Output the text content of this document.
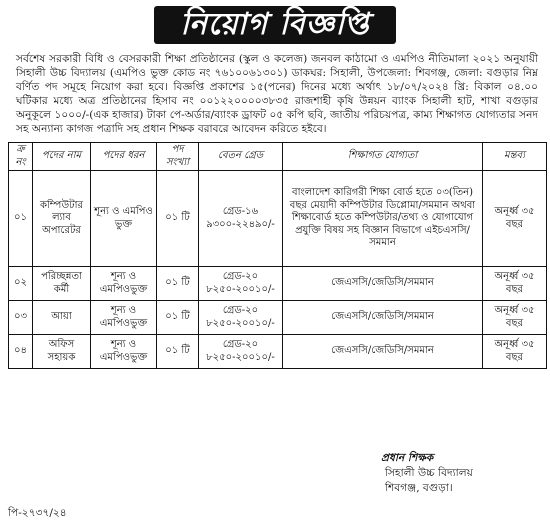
নিয়োগ বিজ্ঞপ্তি

সর্বশেষ সরকারী বিধি ও বেসরকারী শিক্ষা প্রতিষ্ঠানের (স্কুল ও কলেজ) জনবল কাঠামো ও এমপিও নীতিমালা ২০২১ অনুযায়ী সিহালী উচ্চ বিদ্যালয় (এমপিও ভুক্ত কোড নং ৭৬১০০৬১৩০১) ডাকঘর: সিহালী, উপজেলা: শিবগঞ্জ, জেলা: বগুড়ার নিম্ন বর্ণিত পদ সমূহে নিয়োগ করা হবে। বিজ্ঞপ্তি প্রকাশের ১৫(পনের) দিনের মধ্যে অর্থাৎ ১৮/০৭/২০২৪ খ্রি: বিকাল ০৪.০০ ঘটিকার মধ্যে অত্র প্রতিষ্ঠানের হিসাব নং ০০১২২০০০০৩৮৩৫ রাজশাহী কৃষি উন্নয়ন ব্যাংক সিহালী হাট, শাখা বগুড়ার অনুকূলে ১০০০/-(এক হাজার) টাকা পে-অর্ডার/ব্যাংক ড্রাফট ০৫ কপি ছবি, জাতীয় পরিচয়পত্র, কাম্য শিক্ষাগত যোগ্যতার সনদ সহ অন্যান্য কাগজ পত্রাদি সহ প্রধান শিক্ষক বরাবরে আবেদন করিতে হইবে।

ক্র নং	পদের নাম	পদের ধরন	পদ সংখ্যা	বেতন গ্রেড	শিক্ষাগত যোগ্যতা	মন্তব্য
০১	কম্পিউটার ল্যাব অপারেটর	শূন্য ও এমপিও ভুক্ত	০১ টি	গ্রেড-১৬ ৯৩০০-২২৪৯০/-	বাংলাদেশ কারিগরী শিক্ষা বোর্ড হতে ০৩(তিন) বছর মেয়াদী কম্পিউটার ডিপ্লোমা/সমমান অথবা শিক্ষাবোর্ড হতে কম্পিউটার/তথ্য ও যোগাযোগ প্রযুক্তি বিষয় সহ বিজ্ঞান বিভাগে এইচএসসি/সমমান	অনূর্ধ্ব ৩৫ বছর
০২	পরিচ্ছন্নতা কর্মী	শূন্য ও এমপিওভুক্ত	০১ টি	গ্রেড-২০ ৮২৫০-২০০১০/-	জেএসসি/জেডিসি/সমমান	অনূর্ধ্ব ৩৫ বছর
০৩	আয়া	শূন্য ও এমপিওভুক্ত	০১ টি	গ্রেড-২০ ৮২৫০-২০০১০/-	জেএসসি/জেডিসি/সমমান	অনূর্ধ্ব ৩৫ বছর
০৪	অফিস সহায়ক	শূন্য ও এমপিওভুক্ত	০১ টি	গ্রেড-২০ ৮২৫০-২০০১০/-	জেএসসি/জেডিসি/সমমান	অনূর্ধ্ব ৩৫ বছর
প্রধান শিক্ষক
সিহালী উচ্চ বিদ্যালয়
শিবগঞ্জ, বগুড়া।
পি-২৭৩৭/২৪
